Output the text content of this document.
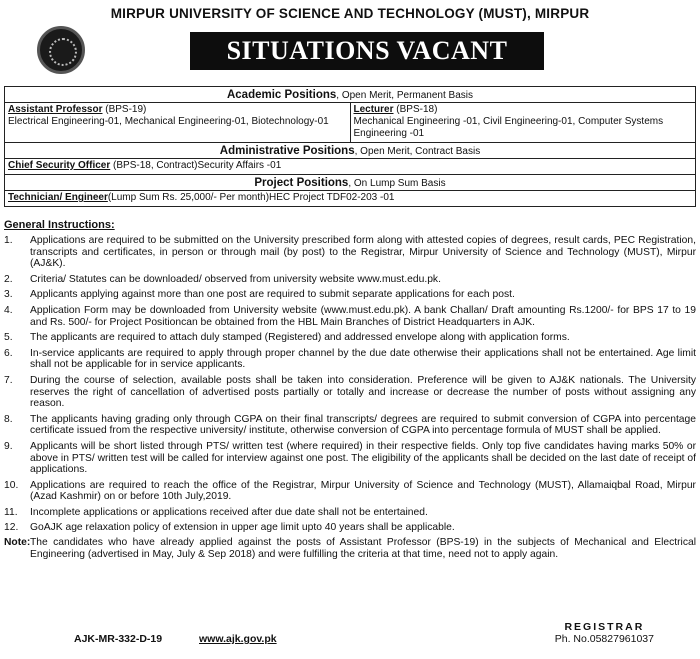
MIRPUR UNIVERSITY OF SCIENCE AND TECHNOLOGY (MUST), MIRPUR
SITUATIONS VACANT
Academic Positions, Open Merit, Permanent Basis
Assistant Professor (BPS-19)
Electrical Engineering-01, Mechanical Engineering-01, Biotechnology-01
Lecturer (BPS-18)
Mechanical Engineering -01, Civil Engineering-01, Computer Systems Engineering -01
Administrative Positions, Open Merit, Contract Basis
Chief Security Officer (BPS-18, Contract)Security Affairs -01
Project Positions, On Lump Sum Basis
Technician/ Engineer(Lump Sum Rs. 25,000/- Per month)HEC Project TDF02-203 -01
General Instructions:
1.	Applications are required to be submitted on the University prescribed form along with attested copies of degrees, result cards, PEC Registration, transcripts and certificates, in person or through mail (by post) to the Registrar, Mirpur University of Science and Technology (MUST), Mirpur (AJ&K).
2.	Criteria/ Statutes can be downloaded/ observed from university website www.must.edu.pk.
3.	Applicants applying against more than one post are required to submit separate applications for each post.
4.	Application Form may be downloaded from University website (www.must.edu.pk). A bank Challan/ Draft amounting Rs.1200/- for BPS 17 to 19 and Rs. 500/- for Project Positioncan be obtained from the HBL Main Branches of District Headquarters in AJK.
5.	The applicants are required to attach duly stamped (Registered) and addressed envelope along with application forms.
6.	In-service applicants are required to apply through proper channel by the due date otherwise their applications shall not be entertained. Age limit shall not be applicable for in service applicants.
7.	During the course of selection, available posts shall be taken into consideration. Preference will be given to AJ&K nationals. The University reserves the right of cancellation of advertised posts partially or totally and increase or decrease the number of posts without assigning any reason.
8.	The applicants having grading only through CGPA on their final transcripts/ degrees are required to submit conversion of CGPA into percentage certificate issued from the respective university/ institute, otherwise conversion of CGPA into percentage formula of MUST shall be applied.
9.	Applicants will be short listed through PTS/ written test (where required) in their respective fields. Only top five candidates having marks 50% or above in PTS/ written test will be called for interview against one post. The eligibility of the applicants shall be decided on the last date of receipt of applications.
10.	Applications are required to reach the office of the Registrar, Mirpur University of Science and Technology (MUST), Allamaiqbal Road, Mirpur (Azad Kashmir) on or before 10th July,2019.
11.	Incomplete applications or applications received after due date shall not be entertained.
12.	GoAJK age relaxation policy of extension in upper age limit upto 40 years shall be applicable.
Note: The candidates who have already applied against the posts of Assistant Professor (BPS-19) in the subjects of Mechanical and Electrical Engineering (advertised in May, July & Sep 2018) and were fulfilling the criteria at that time, need not to apply again.
AJK-MR-332-D-19	www.ajk.gov.pk
REGISTRAR
Ph. No.05827961037
